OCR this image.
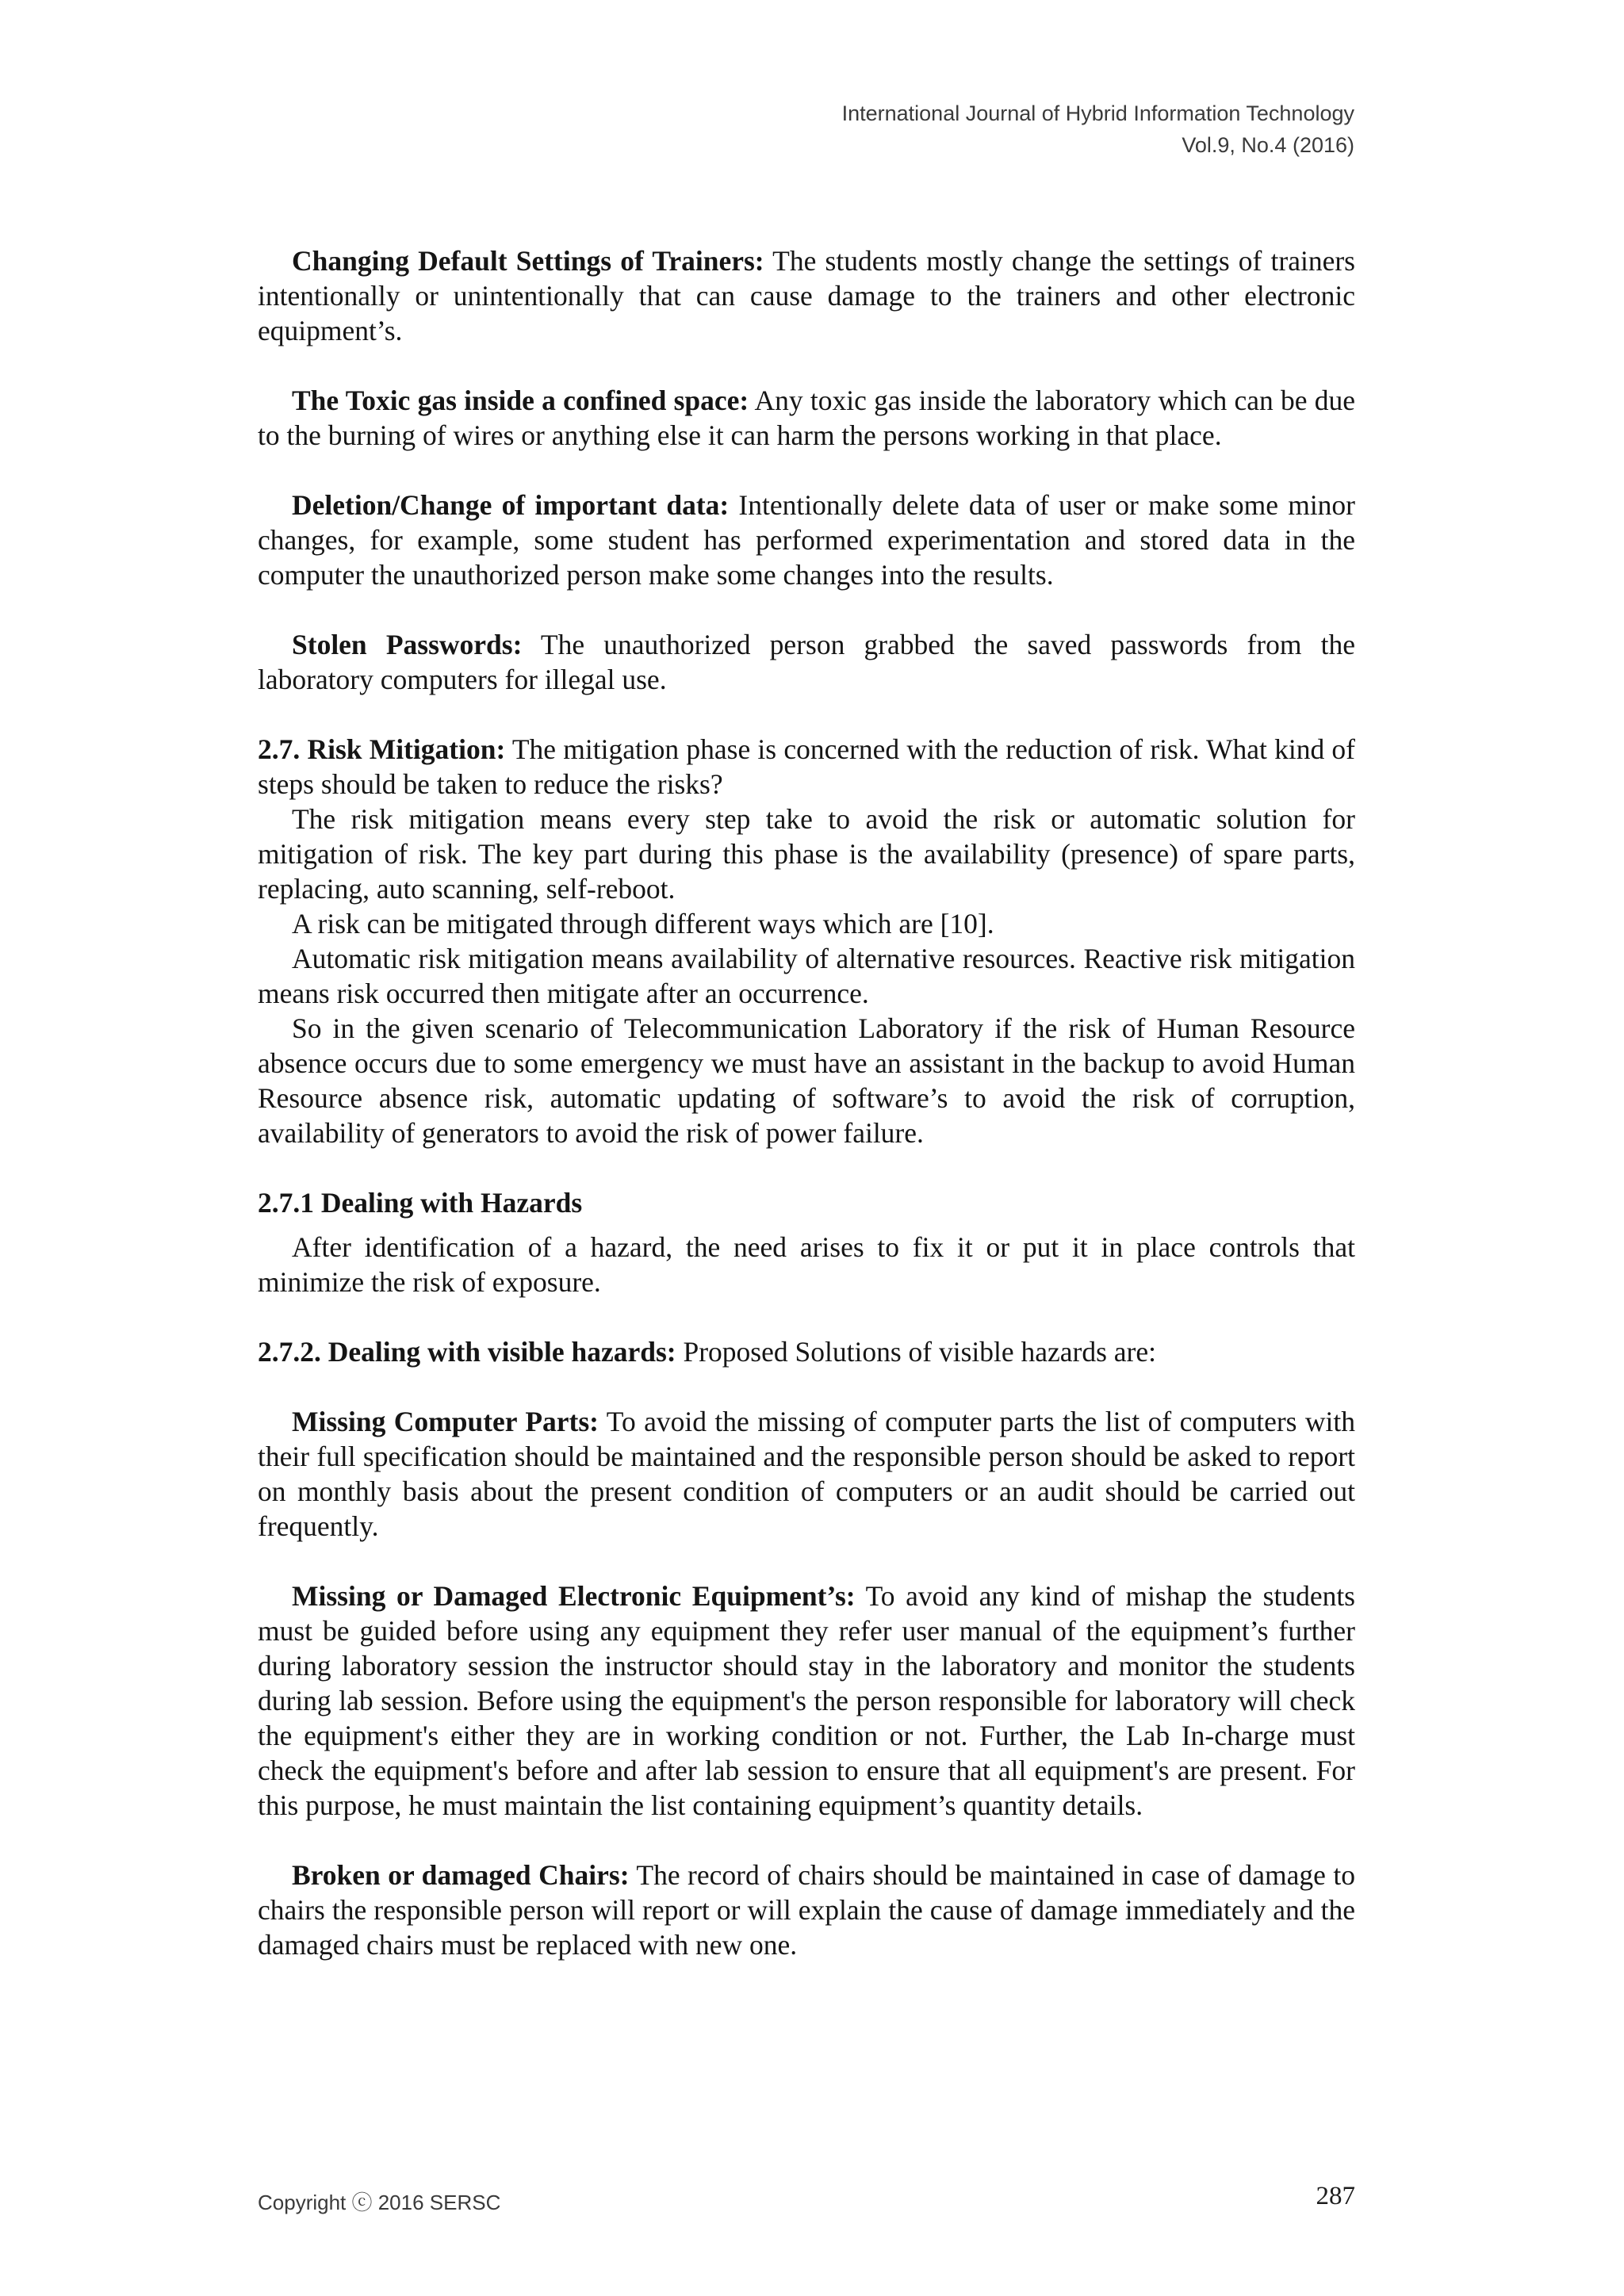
International Journal of Hybrid Information Technology
Vol.9, No.4 (2016)

Changing Default Settings of Trainers: The students mostly change the settings of trainers intentionally or unintentionally that can cause damage to the trainers and other electronic equipment’s.

The Toxic gas inside a confined space: Any toxic gas inside the laboratory which can be due to the burning of wires or anything else it can harm the persons working in that place.

Deletion/Change of important data: Intentionally delete data of user or make some minor changes, for example, some student has performed experimentation and stored data in the computer the unauthorized person make some changes into the results.

Stolen Passwords: The unauthorized person grabbed the saved passwords from the laboratory computers for illegal use.

2.7. Risk Mitigation: The mitigation phase is concerned with the reduction of risk. What kind of steps should be taken to reduce the risks?

The risk mitigation means every step take to avoid the risk or automatic solution for mitigation of risk. The key part during this phase is the availability (presence) of spare parts, replacing, auto scanning, self-reboot.

A risk can be mitigated through different ways which are [10].

Automatic risk mitigation means availability of alternative resources. Reactive risk mitigation means risk occurred then mitigate after an occurrence.

So in the given scenario of Telecommunication Laboratory if the risk of Human Resource absence occurs due to some emergency we must have an assistant in the backup to avoid Human Resource absence risk, automatic updating of software’s to avoid the risk of corruption, availability of generators to avoid the risk of power failure.

2.7.1 Dealing with Hazards

After identification of a hazard, the need arises to fix it or put it in place controls that minimize the risk of exposure.

2.7.2. Dealing with visible hazards: Proposed Solutions of visible hazards are:

Missing Computer Parts: To avoid the missing of computer parts the list of computers with their full specification should be maintained and the responsible person should be asked to report on monthly basis about the present condition of computers or an audit should be carried out frequently.

Missing or Damaged Electronic Equipment’s: To avoid any kind of mishap the students must be guided before using any equipment they refer user manual of the equipment’s further during laboratory session the instructor should stay in the laboratory and monitor the students during lab session. Before using the equipment's the person responsible for laboratory will check the equipment's either they are in working condition or not. Further, the Lab In-charge must check the equipment's before and after lab session to ensure that all equipment's are present. For this purpose, he must maintain the list containing equipment’s quantity details.

Broken or damaged Chairs: The record of chairs should be maintained in case of damage to chairs the responsible person will report or will explain the cause of damage immediately and the damaged chairs must be replaced with new one.

Copyright ⓒ 2016 SERSC	287
